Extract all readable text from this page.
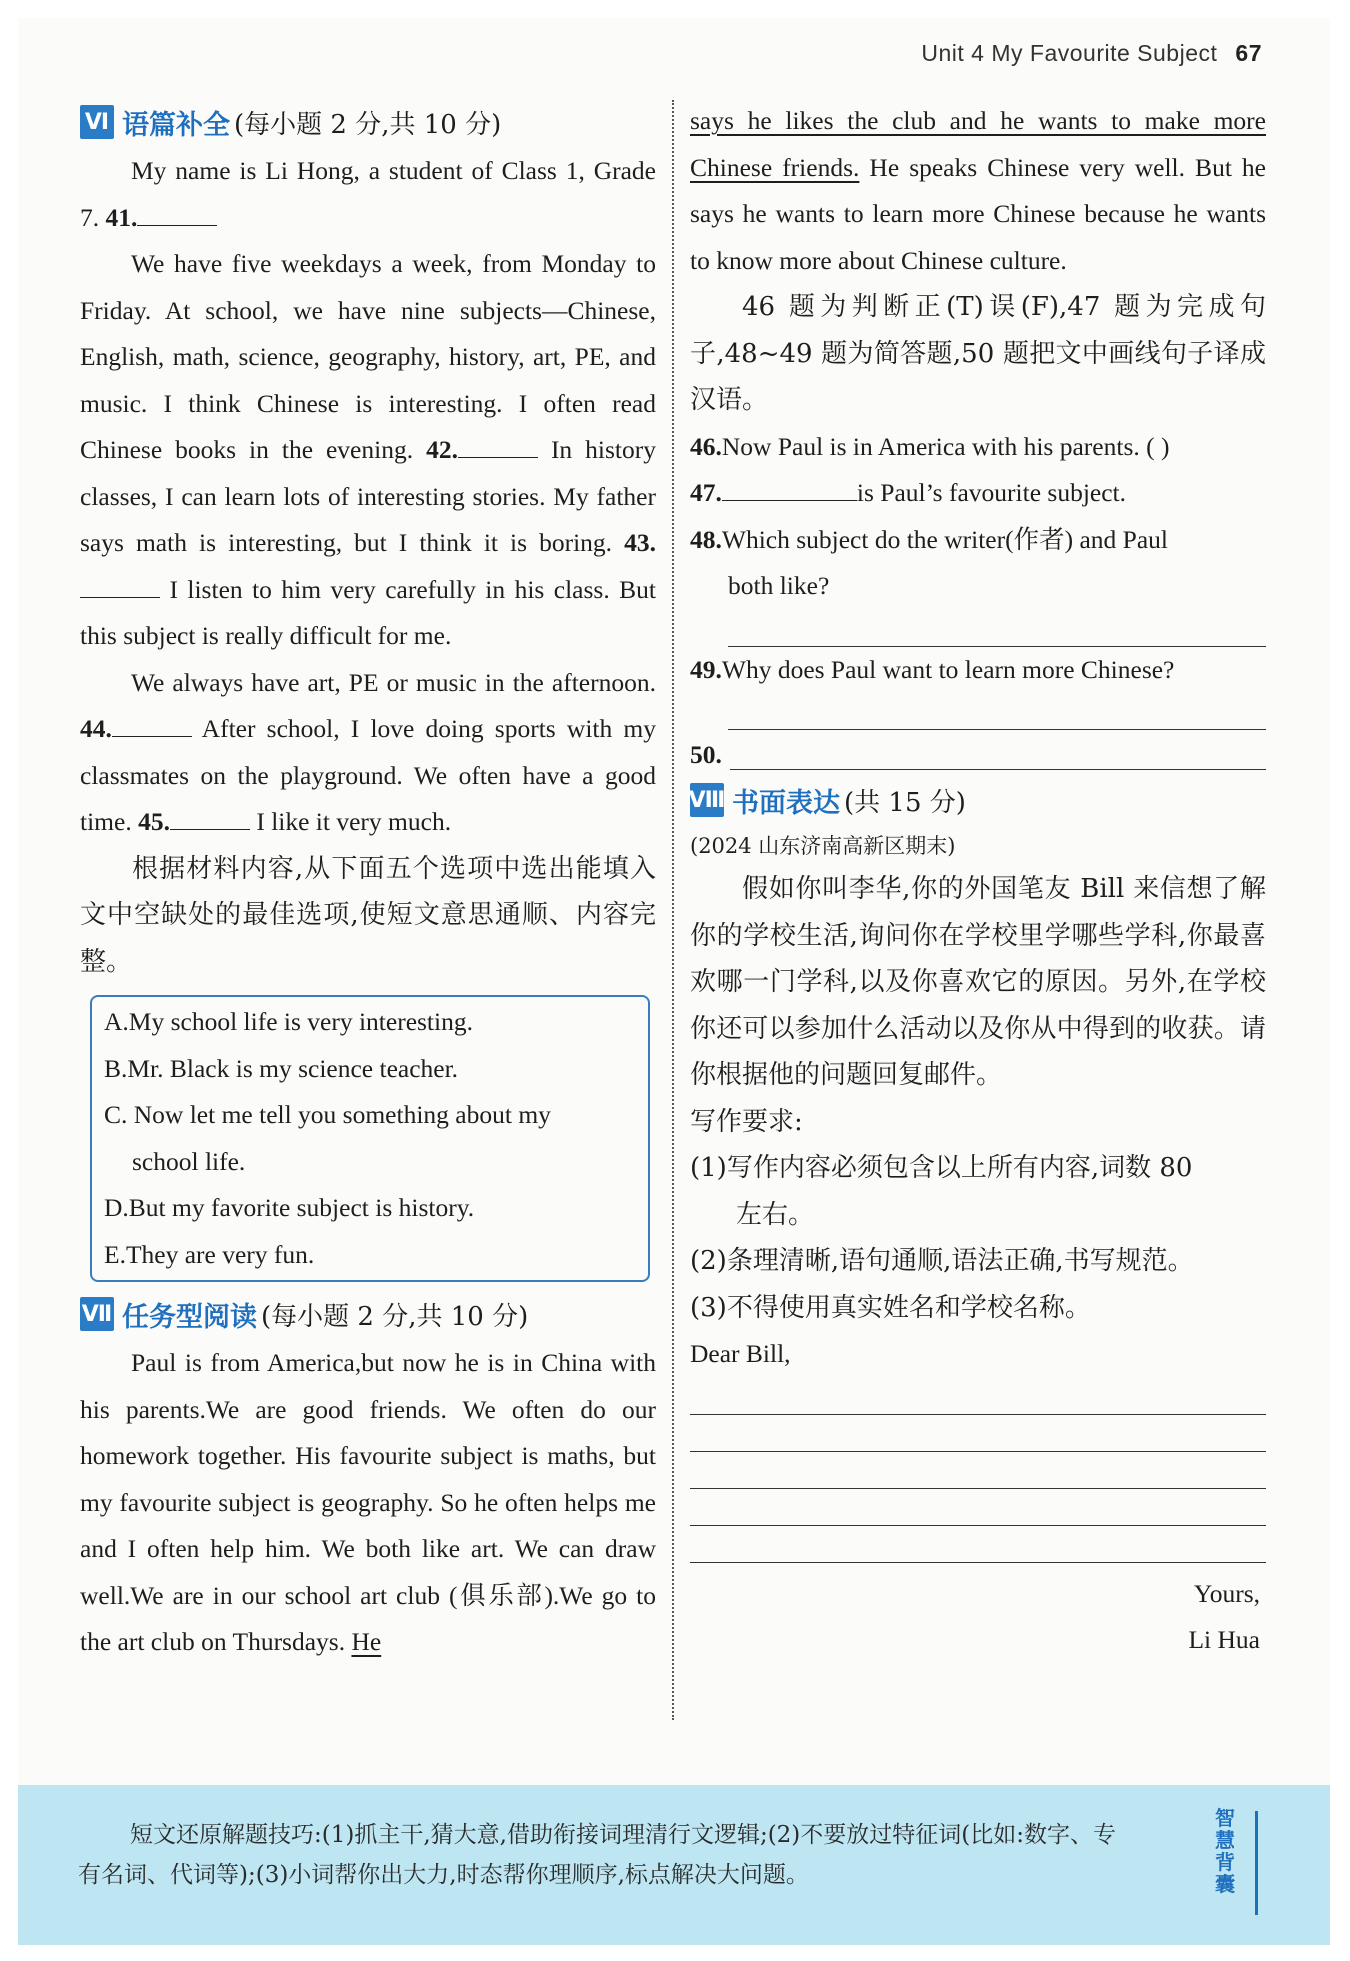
Unit 4 My Favourite Subject 67
Ⅵ 语篇补全 (每小题 2 分,共 10 分)

My name is Li Hong, a student of Class 1, Grade 7. 41.

We have five weekdays a week, from Monday to Friday. At school, we have nine subjects—Chinese, English, math, science, geography, history, art, PE, and music. I think Chinese is interesting. I often read Chinese books in the evening. 42.	In history classes, I can learn lots of interesting stories. My father says math is interesting, but I think it is boring. 43. I listen to him very carefully in his class. But this subject is really difficult for me.

We always have art, PE or music in the afternoon. 44.	After school, I love doing sports with my classmates on the playground. We often have a good time. 45.	I like it very much.

根据材料内容,从下面五个选项中选出能填入文中空缺处的最佳选项,使短文意思通顺、内容完整。

A.My school life is very interesting.

B.Mr. Black is my science teacher.

C. Now let me tell you something about my

school life.

D.But my favorite subject is history.

E.They are very fun.

Ⅶ 任务型阅读 (每小题 2 分,共 10 分)

Paul is from America,but now he is in China with his parents.We are good friends. We often do our homework together. His favourite subject is maths, but my favourite subject is geography. So he often helps me and I often help him. We both like art. We can draw well.We are in our school art club (俱乐部).We go to the art club on Thursdays. He

says he likes the club and he wants to make more Chinese friends. He speaks Chinese very well. But he says he wants to learn more Chinese because he wants to know more about Chinese culture.

46 题为判断正(T)误(F),47 题为完成句子,48~49 题为简答题,50 题把文中画线句子译成汉语。

46.Now Paul is in America with his parents. ( )

47.	is Paul’s favourite subject.

48.Which subject do the writer(作者) and Paul
both like?

49.Why does Paul want to learn more Chinese?

50.
Ⅷ 书面表达 (共 15 分)

(2024 山东济南高新区期末)

假如你叫李华,你的外国笔友 Bill 来信想了解你的学校生活,询问你在学校里学哪些学科,你最喜欢哪一门学科,以及你喜欢它的原因。另外,在学校你还可以参加什么活动以及你从中得到的收获。请你根据他的问题回复邮件。

写作要求:

(1)写作内容必须包含以上所有内容,词数 80

左右。

(2)条理清晰,语句通顺,语法正确,书写规范。

(3)不得使用真实姓名和学校名称。

Dear Bill,

Yours,

Li Hua

短文还原解题技巧:(1)抓主干,猜大意,借助衔接词理清行文逻辑;(2)不要放过特征词(比如:数字、专
有名词、代词等);(3)小词帮你出大力,时态帮你理顺序,标点解决大问题。
智慧背囊
